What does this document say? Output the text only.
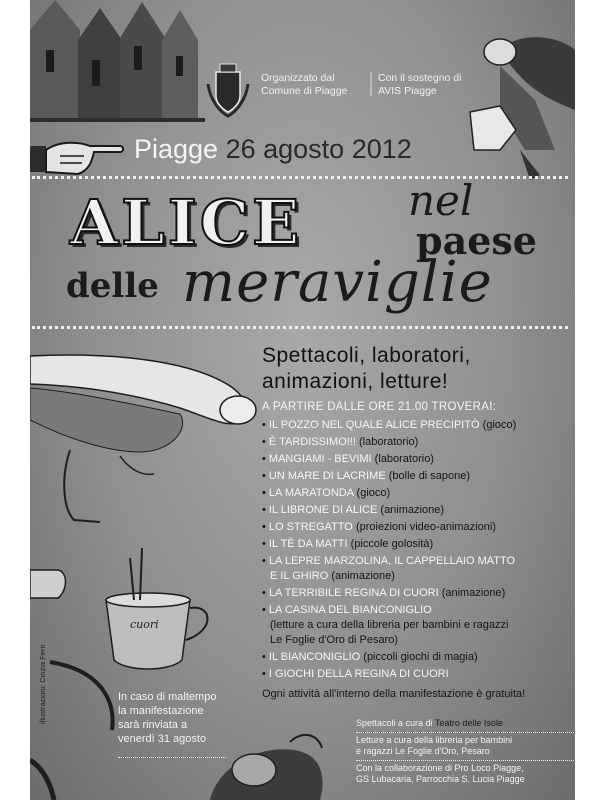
cuori
Organizzato dal
Comune di Piagge
Con il sostegno di
AVIS Piagge
Piagge 26 agosto 2012
ALICE	nel
paese
delle meraviglie
Spettacoli, laboratori,
animazioni, letture!
A PARTIRE DALLE ORE 21.00 TROVERAI:
• IL POZZO NEL QUALE ALICE PRECIPITÒ (gioco)
• È TARDISSIMO!!! (laboratorio)
• MANGIAMI - BEVIMI (laboratorio)
• UN MARE DI LACRIME (bolle di sapone)
• LA MARATONDA (gioco)
• IL LIBRONE DI ALICE (animazione)
• LO STREGATTO (proiezioni video-animazioni)
• IL TÈ DA MATTI (piccole golosità)
• LA LEPRE MARZOLINA, IL CAPPELLAIO MATTO
E IL GHIRO (animazione)
• LA TERRIBILE REGINA DI CUORI (animazione)
• LA CASINA DEL BIANCONIGLIO
(letture a cura della libreria per bambini e ragazzi
Le Foglie d'Oro di Pesaro)
• IL BIANCONIGLIO (piccoli giochi di magia)
• I GIOCHI DELLA REGINA DI CUORI
Ogni attività all'interno della manifestazione è gratuita!
In caso di maltempo
la manifestazione
sarà rinviata a
venerdì 31 agosto
Spettacoli a cura di Teatro delle Isole
Letture a cura della libreria per bambini
e ragazzi Le Foglie d'Oro, Pesaro
Con la collaborazione di Pro Loco Piagge,
GS Lubacaria, Parrocchia S. Lucia Piagge
illustrazioni: Cinzia Ferri
